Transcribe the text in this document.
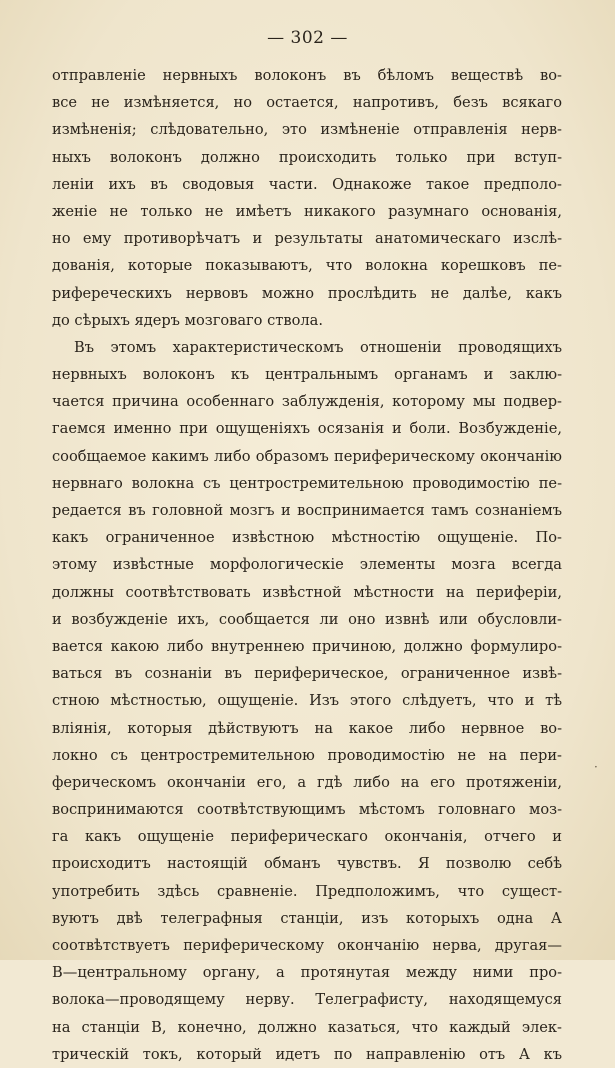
— 302 —
отправленіе нервныхъ волоконъ въ бѣломъ веществѣ во-
все не измѣняется, но остается, напротивъ, безъ всякаго
измѣненія; слѣдовательно, это измѣненіе отправленія нерв-
ныхъ волоконъ должно происходить только при вступ-
леніи ихъ въ сводовыя части. Однакоже такое предполо-
женіе не только не имѣетъ никакого разумнаго основанія,
но ему противорѣчатъ и результаты анатомическаго изслѣ-
дованія, которые показываютъ, что волокна корешковъ пе-
рифереческихъ нервовъ можно прослѣдить не далѣе, какъ
до сѣрыхъ ядеръ мозговаго ствола.
Въ этомъ характеристическомъ отношеніи проводящихъ
нервныхъ волоконъ къ центральнымъ органамъ и заклю-
чается причина особеннаго заблужденія, которому мы подвер-
гаемся именно при ощущеніяхъ осязанія и боли. Возбужденіе,
сообщаемое какимъ либо образомъ периферическому окончанію
нервнаго волокна съ центростремительною проводимостію пе-
редается въ головной мозгъ и воспринимается тамъ сознаніемъ
какъ ограниченное извѣстною мѣстностію ощущеніе. По-
этому извѣстные морфологическіе элементы мозга всегда
должны соотвѣтствовать извѣстной мѣстности на периферіи,
и возбужденіе ихъ, сообщается ли оно извнѣ или обусловли-
вается какою либо внутреннею причиною, должно формулиро-
ваться въ сознаніи въ периферическое, ограниченное извѣ-
стною мѣстностью, ощущеніе. Изъ этого слѣдуетъ, что и тѣ
вліянія, которыя дѣйствуютъ на какое либо нервное во-
локно съ центростремительною проводимостію не на пери-
ферическомъ окончаніи его, а гдѣ либо на его протяженіи,
воспринимаются соотвѣтствующимъ мѣстомъ головнаго моз-
га какъ ощущеніе периферическаго окончанія, отчего и
происходитъ настоящій обманъ чувствъ. Я позволю себѣ
употребить здѣсь сравненіе. Предположимъ, что сущест-
вуютъ двѣ телеграфныя станціи, изъ которыхъ одна А
соотвѣтствуетъ периферическому окончанію нерва, другая—
В—центральному органу, а протянутая между ними про-
волока—проводящему нерву. Телеграфисту, находящемуся
на станціи В, конечно, должно казаться, что каждый элек-
трическій токъ, который идетъ по направленію отъ А къ
·
